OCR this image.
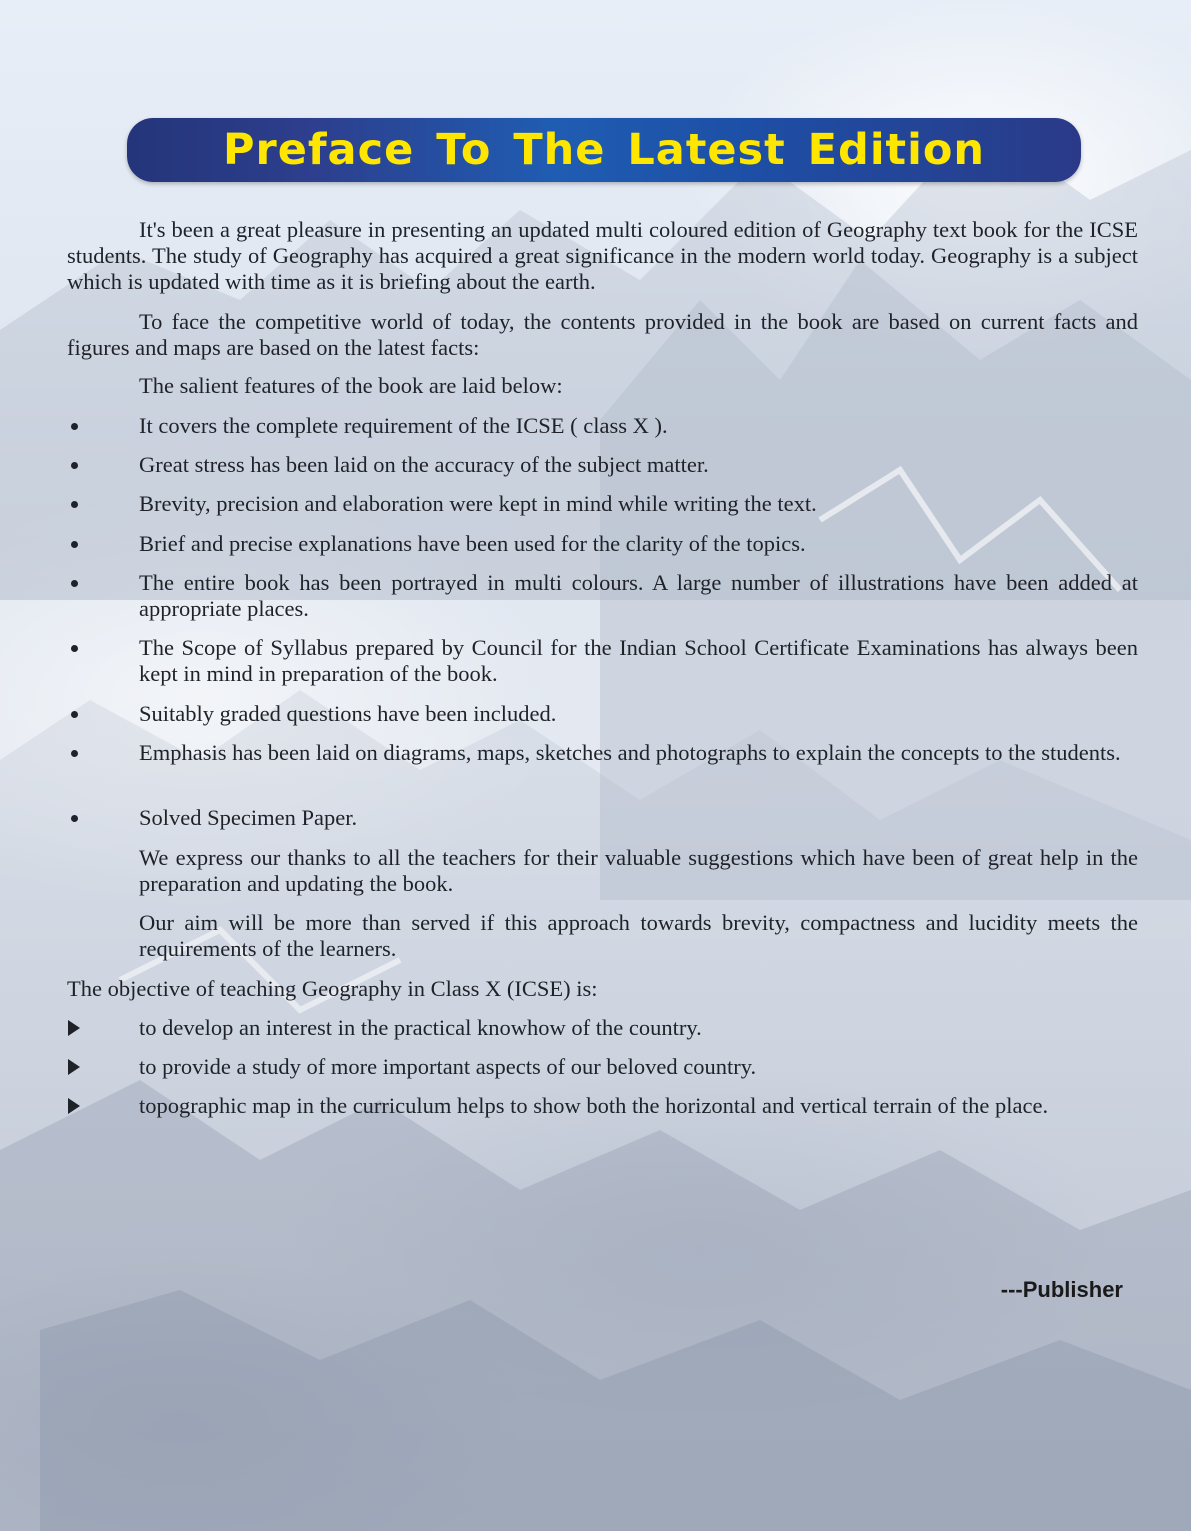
Preface To The Latest Edition
It's been a great pleasure in presenting an updated multi coloured edition of Geography text book for the ICSE students. The study of Geography has acquired a great significance in the modern world today. Geography is a subject which is updated with time as it is briefing about the earth.
To face the competitive world of today, the contents provided in the book are based on current facts and figures and maps are based on the latest facts:
The salient features of the book are laid below:
It covers the complete requirement of the ICSE ( class X ).
Great stress has been laid on the accuracy of the subject matter.
Brevity, precision and elaboration were kept in mind while writing the text.
Brief and precise explanations have been used for the clarity of the topics.
The entire book has been portrayed in multi colours. A large number of illustrations have been added at appropriate places.
The Scope of Syllabus prepared by Council for the Indian School Certificate Examinations has always been kept in mind in preparation of the book.
Suitably graded questions have been included.
Emphasis has been laid on diagrams, maps, sketches and photographs to explain the concepts to the students.
Solved Specimen Paper.
We express our thanks to all the teachers for their valuable suggestions which have been of great help in the preparation and updating the book.
Our aim will be more than served if this approach towards brevity, compactness and lucidity meets the requirements of the learners.
The objective of teaching Geography in Class X (ICSE) is:
to develop an interest in the practical knowhow of the country.
to provide a study of more important aspects of our beloved country.
topographic map in the curriculum helps to show both the horizontal and vertical terrain of the place.
---Publisher
